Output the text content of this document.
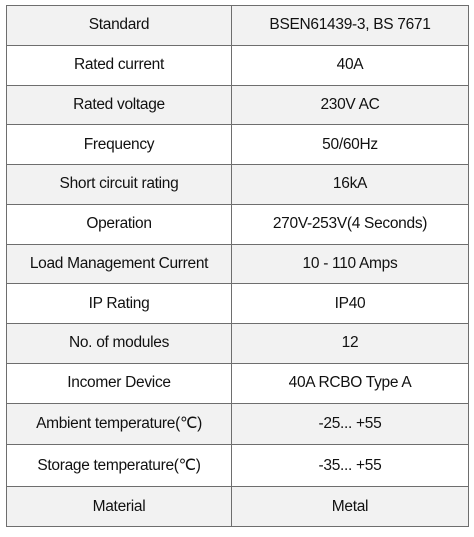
Standard	BSEN61439-3, BS 7671
Rated current	40A
Rated voltage	230V AC
Frequency	50/60Hz
Short circuit rating	16kA
Operation	270V-253V(4 Seconds)
Load Management Current	10 - 110 Amps
IP Rating	IP40
No. of modules	12
Incomer Device	40A RCBO Type A
Ambient temperature(℃)	-25... +55
Storage temperature(℃)	-35... +55
Material	Metal
